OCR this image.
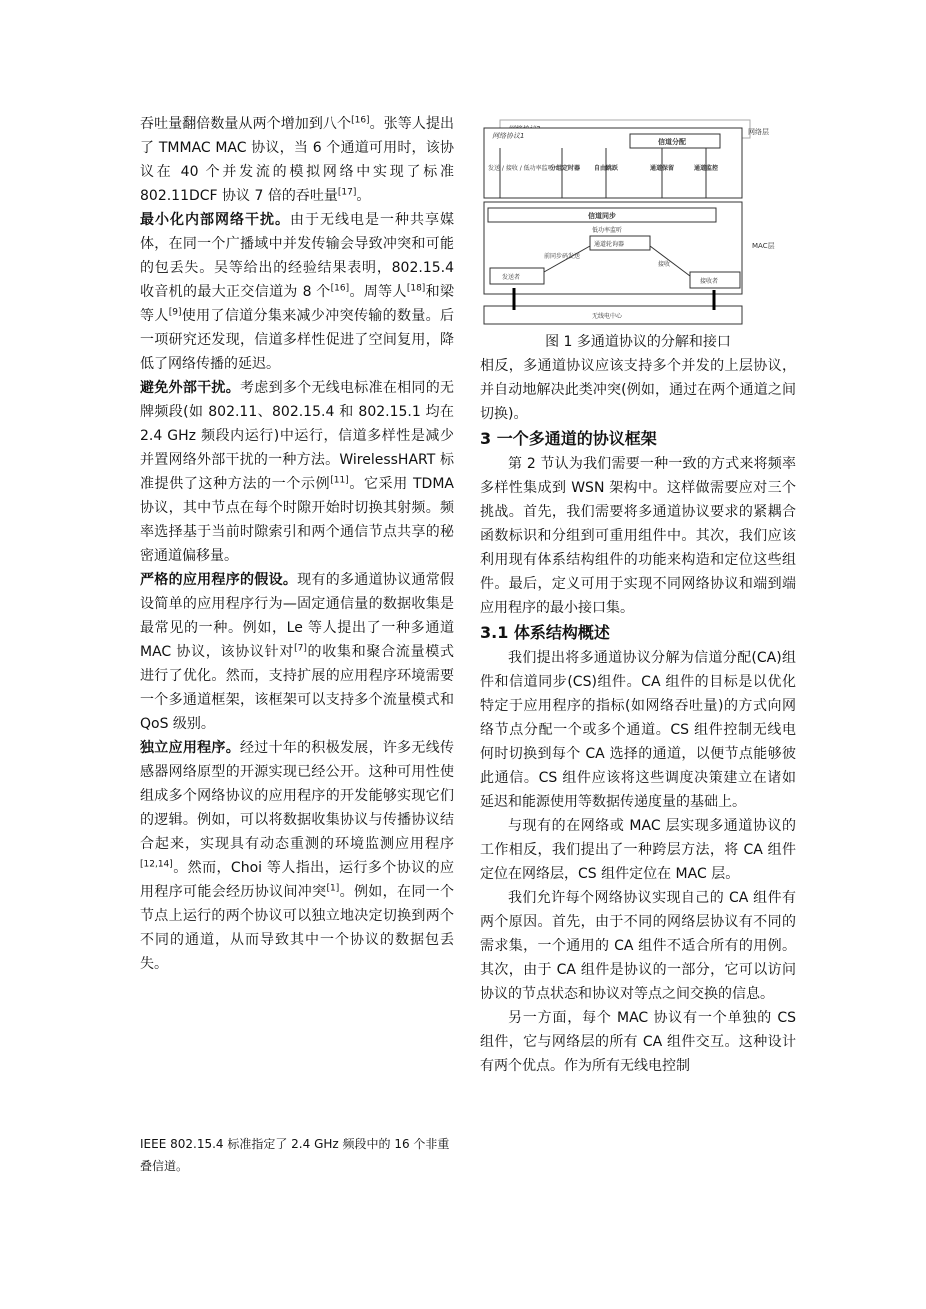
吞吐量翻倍数量从两个增加到八个[16]。张等人提出了 TMMAC MAC 协议，当 6 个通道可用时，该协议在 40 个并发流的模拟网络中实现了标准 802.11DCF 协议 7 倍的吞吐量[17]。

最小化内部网络干扰。由于无线电是一种共享媒体，在同一个广播域中并发传输会导致冲突和可能的包丢失。吴等给出的经验结果表明，802.15.4 收音机的最大正交信道为 8 个[16]。周等人[18]和梁等人[9]使用了信道分集来减少冲突传输的数量。后一项研究还发现，信道多样性促进了空间复用，降低了网络传播的延迟。

避免外部干扰。考虑到多个无线电标准在相同的无牌频段(如 802.11、802.15.4 和 802.15.1 均在 2.4 GHz 频段内运行)中运行，信道多样性是减少并置网络外部干扰的一种方法。WirelessHART 标准提供了这种方法的一个示例[11]。它采用 TDMA 协议，其中节点在每个时隙开始时切换其射频。频率选择基于当前时隙索引和两个通信节点共享的秘密通道偏移量。

严格的应用程序的假设。现有的多通道协议通常假设简单的应用程序行为—固定通信量的数据收集是最常见的一种。例如，Le 等人提出了一种多通道 MAC 协议，该协议针对[7]的收集和聚合流量模式进行了优化。然而，支持扩展的应用程序环境需要一个多通道框架，该框架可以支持多个流量模式和 QoS 级别。

独立应用程序。经过十年的积极发展，许多无线传感器网络原型的开源实现已经公开。这种可用性使组成多个网络协议的应用程序的开发能够实现它们的逻辑。例如，可以将数据收集协议与传播协议结合起来，实现具有动态重测的环境监测应用程序[12,14]。然而，Choi 等人指出，运行多个协议的应用程序可能会经历协议间冲突[1]。例如，在同一个节点上运行的两个协议可以独立地决定切换到两个不同的通道，从而导致其中一个协议的数据包丢失。

IEEE 802.15.4 标准指定了 2.4 GHz 频段中的 16 个非重叠信道。
网络协议1	网络层
信道分配
发送 / 接收 / 低功率监听
分组定时器 自由跳跃	通道保留	通道监控
MAC层
信道同步
低功率监听
通道轮询器
前同步码发送
接收
发送者
接收者
无线电中心

图 1 多通道协议的分解和接口

相反，多通道协议应该支持多个并发的上层协议，并自动地解决此类冲突(例如，通过在两个通道之间切换)。

3 一个多通道的协议框架

第 2 节认为我们需要一种一致的方式来将频率多样性集成到 WSN 架构中。这样做需要应对三个挑战。首先，我们需要将多通道协议要求的紧耦合函数标识和分组到可重用组件中。其次，我们应该利用现有体系结构组件的功能来构造和定位这些组件。最后，定义可用于实现不同网络协议和端到端应用程序的最小接口集。

3.1 体系结构概述

我们提出将多通道协议分解为信道分配(CA)组件和信道同步(CS)组件。CA 组件的目标是以优化特定于应用程序的指标(如网络吞吐量)的方式向网络节点分配一个或多个通道。CS 组件控制无线电何时切换到每个 CA 选择的通道，以便节点能够彼此通信。CS 组件应该将这些调度决策建立在诸如延迟和能源使用等数据传递度量的基础上。

与现有的在网络或 MAC 层实现多通道协议的工作相反，我们提出了一种跨层方法，将 CA 组件定位在网络层，CS 组件定位在 MAC 层。

我们允许每个网络协议实现自己的 CA 组件有两个原因。首先，由于不同的网络层协议有不同的需求集，一个通用的 CA 组件不适合所有的用例。其次，由于 CA 组件是协议的一部分，它可以访问协议的节点状态和协议对等点之间交换的信息。

另一方面，每个 MAC 协议有一个单独的 CS 组件，它与网络层的所有 CA 组件交互。这种设计有两个优点。作为所有无线电控制
